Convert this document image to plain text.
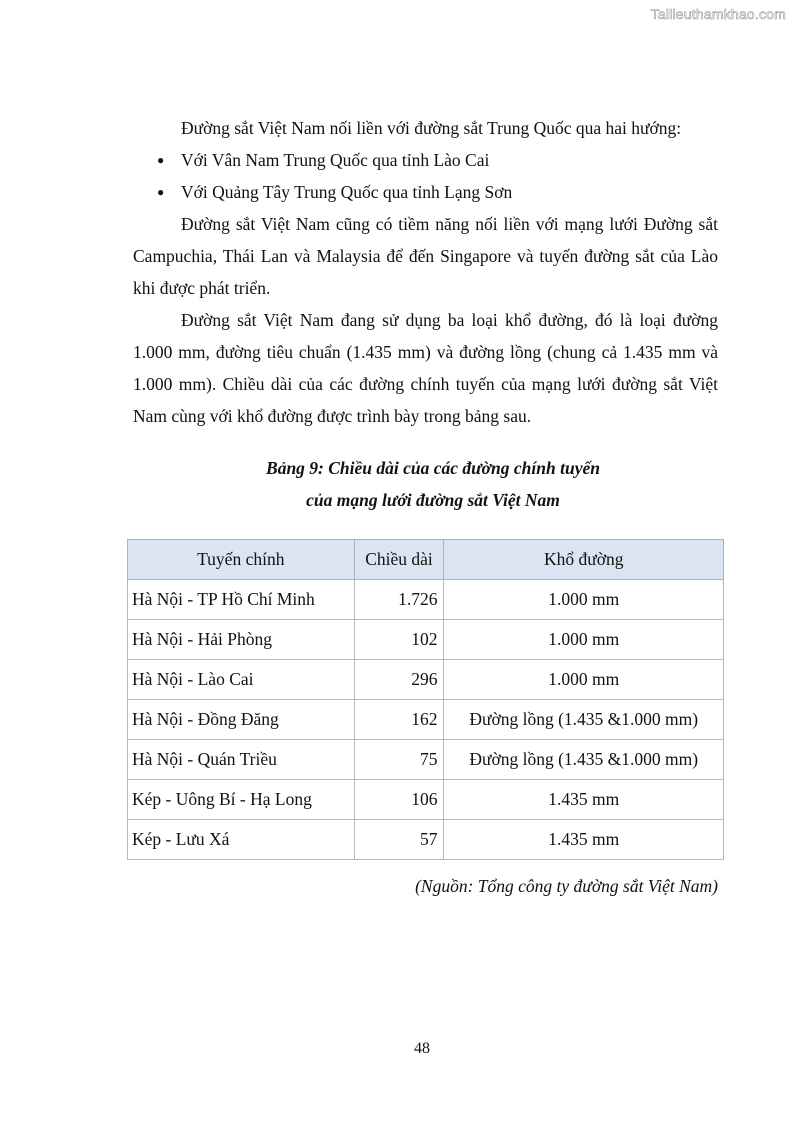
Tailieuthamkhao.com

Đường sắt Việt Nam nối liền với đường sắt Trung Quốc qua hai hướng:

● Với Vân Nam Trung Quốc qua tỉnh Lào Cai
● Với Quảng Tây Trung Quốc qua tỉnh Lạng Sơn

Đường sắt Việt Nam cũng có tiềm năng nối liền với mạng lưới Đường sắt Campuchia, Thái Lan và Malaysia để đến Singapore và tuyến đường sắt của Lào khi được phát triển.

Đường sắt Việt Nam đang sử dụng ba loại khổ đường, đó là loại đường 1.000 mm, đường tiêu chuẩn (1.435 mm) và đường lồng (chung cả 1.435 mm và 1.000 mm). Chiều dài của các đường chính tuyến của mạng lưới đường sắt Việt Nam cùng với khổ đường được trình bày trong bảng sau.

Bảng 9: Chiều dài của các đường chính tuyến
của mạng lưới đường sắt Việt Nam
Tuyến chính	Chiều dài	Khổ đường
Hà Nội - TP Hồ Chí Minh	1.726	1.000 mm
Hà Nội - Hải Phòng	102	1.000 mm
Hà Nội - Lào Cai	296	1.000 mm
Hà Nội - Đồng Đăng	162	Đường lồng (1.435 &1.000 mm)
Hà Nội - Quán Triều	75	Đường lồng (1.435 &1.000 mm)
Kép - Uông Bí - Hạ Long	106	1.435 mm
Kép - Lưu Xá	57	1.435 mm
(Nguồn: Tổng công ty đường sắt Việt Nam)
48
